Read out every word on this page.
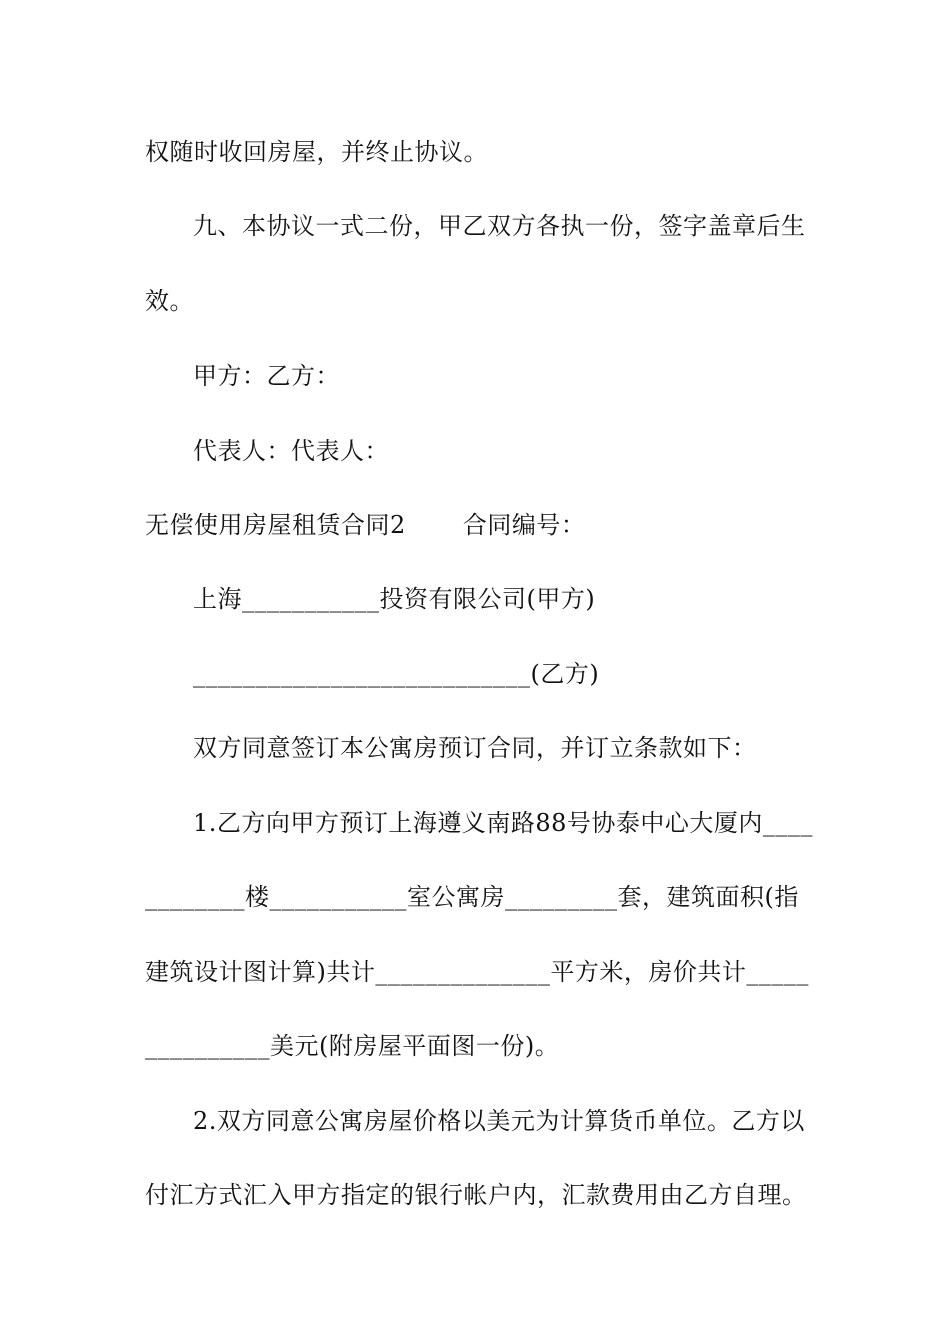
权随时收回房屋，并终止协议。
九、本协议一式二份，甲乙双方各执一份，签字盖章后生
效。
甲方：乙方：
代表人：代表人：
无偿使用房屋租赁合同2　　 合同编号：
上海___________投资有限公司(甲方)
___________________________(乙方)
双方同意签订本公寓房预订合同，并订立条款如下：
1.乙方向甲方预订上海遵义南路88号协泰中心大厦内____
________楼___________室公寓房_________套，建筑面积(指
建筑设计图计算)共计______________平方米，房价共计_____
__________美元(附房屋平面图一份)。
2.双方同意公寓房屋价格以美元为计算货币单位。乙方以
付汇方式汇入甲方指定的银行帐户内，汇款费用由乙方自理。
